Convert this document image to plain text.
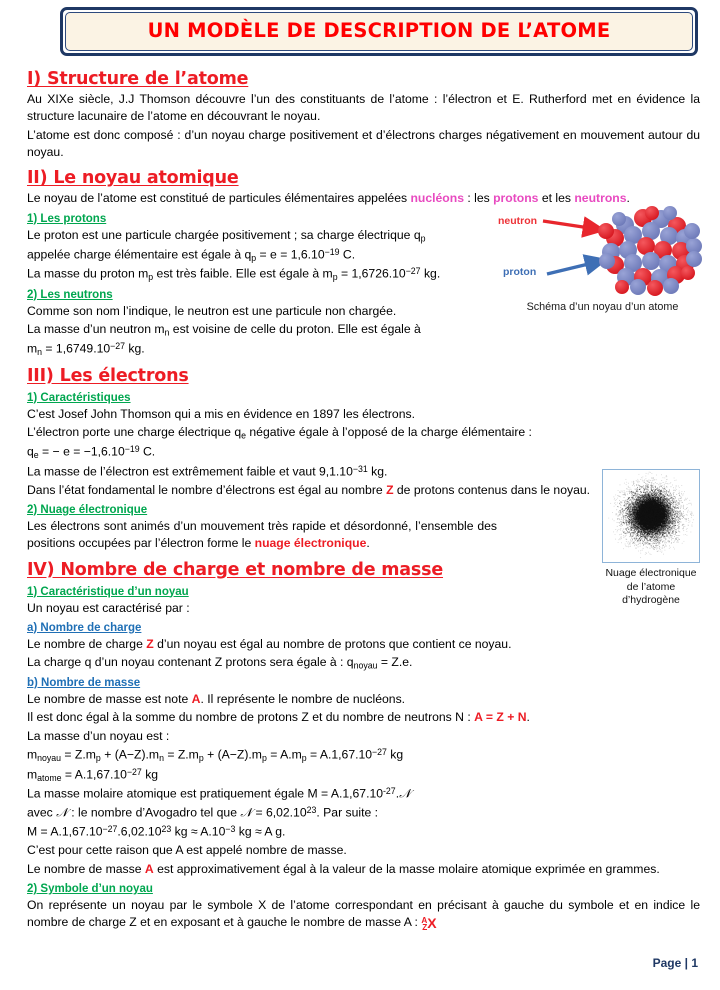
UN MODÈLE DE DESCRIPTION DE L’ATOME
I) Structure de l’atome

Au XIXe siècle, J.J Thomson découvre l’un des constituants de l’atome : l’électron et E. Rutherford met en évidence la structure lacunaire de l’atome en découvrant le noyau.

L’atome est donc composé : d’un noyau charge positivement et d’électrons charges négativement en mouvement autour du noyau.

II) Le noyau atomique

Le noyau de l’atome est constitué de particules élémentaires appelées nucléons : les protons et les neutrons.

1) Les protons

Le proton est une particule chargée positivement ; sa charge électrique $q_p$

appelée charge élémentaire est égale à $q_p = e = 1,6.10^{-19}$ C.

La masse du proton $m_p$ est très faible. Elle est égale à $m_p = 1,6726.10^{-27}$ kg.

2) Les neutrons

Comme son nom l’indique, le neutron est une particule non chargée.

La masse d’un neutron $m_n$ est voisine de celle du proton. Elle est égale à

$m_n = 1,6749.10^{-27}$ kg.

III) Les électrons
1) Caractéristiques

C’est Josef John Thomson qui a mis en évidence en 1897 les électrons.

L’électron porte une charge électrique $q_e$ négative égale à l’opposé de la charge élémentaire :

$q_e$ = − $e = -1,6.10^{-19}$ C.

La masse de l’électron est extrêmement faible et vaut $9,1.10^{-31}$ kg.

Dans l’état fondamental le nombre d’électrons est égal au nombre Z de protons contenus dans le noyau.

2) Nuage électronique

Les électrons sont animés d’un mouvement très rapide et désordonné, l’ensemble des positions occupées par l’électron forme le nuage électronique.

IV) Nombre de charge et nombre de masse
1) Caractéristique d’un noyau

Un noyau est caractérisé par :

a) Nombre de charge

Le nombre de charge Z d’un noyau est égal au nombre de protons que contient ce noyau.

La charge q d’un noyau contenant Z protons sera égale à : $q_{noyau} = Z.e$.

b) Nombre de masse

Le nombre de masse est note A. Il représente le nombre de nucléons.

Il est donc égal à la somme du nombre de protons Z et du nombre de neutrons N : A = Z + N.

La masse d’un noyau est :

$m_{noyau} = Z.m_p + (A-Z).m_n = Z.m_p + (A-Z).m_p = A.m_p = A.1,67.10^{-27}$ kg

$m_{atome} = A.1,67.10^{-27}$ kg

La masse molaire atomique est pratiquement égale $M = A.1,67.10^{-27}.𝒩$

avec 𝒩 : le nombre d’Avogadro tel que 𝒩 = $6,02.10^{23}$. Par suite :

$M = A.1,67.10^{-27}.6,02.10^{23}$ kg ≈ $A.10^{-3}$ kg ≈ A g.

C’est pour cette raison que A est appelé nombre de masse.

Le nombre de masse A est approximativement égal à la valeur de la masse molaire atomique exprimée en grammes.

2) Symbole d’un noyau

On représente un noyau par le symbole X de l’atome correspondant en précisant à gauche du symbole et en indice le nombre de charge Z et en exposant et à gauche le nombre de masse A : A
ZX

neutron
proton
Schéma d’un noyau d’un atome
Nuage électronique
de l’atome
d’hydrogène
Page | 1
